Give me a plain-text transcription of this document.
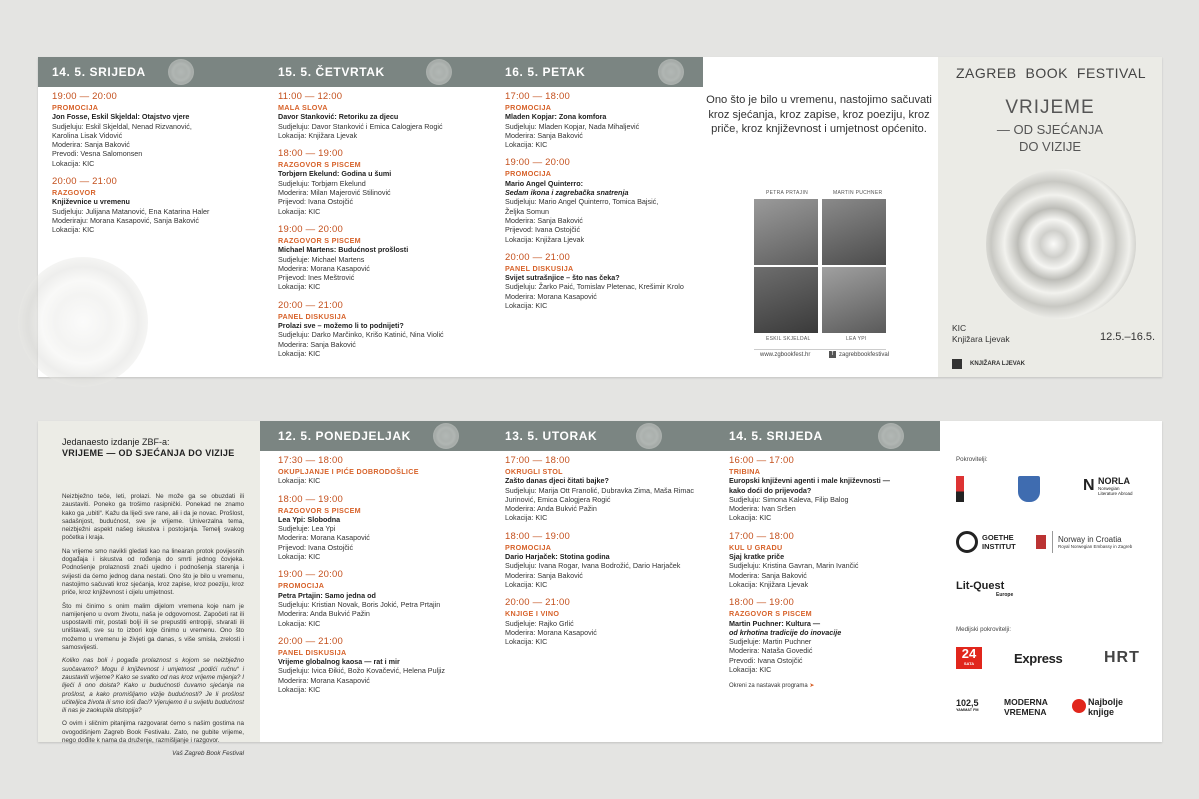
14. 5. SRIJEDA	15. 5. ČETVRTAK	16. 5. PETAK
19:00 — 20:00
PROMOCIJA
Jon Fosse, Eskil Skjeldal: Otajstvo vjere
Sudjeluju: Eskil Skjeldal, Nenad Rizvanović,
Karolina Lisak Vidović
Moderira: Sanja Baković
Prevodi: Vesna Salomonsen
Lokacija: KIC
20:00 — 21:00
RAZGOVOR
Književnice u vremenu
Sudjeluju: Julijana Matanović, Ena Katarina Haler
Moderiraju: Morana Kasapović, Sanja Baković
Lokacija: KIC
11:00 — 12:00
MALA SLOVA
Davor Stanković: Retoriku za djecu
Sudjeluju: Davor Stanković i Emica Calogjera Rogić
Lokacija: Knjižara Ljevak
18:00 — 19:00
RAZGOVOR S PISCEM
Torbjørn Ekelund: Godina u šumi
Sudjeluju: Torbjørn Ekelund
Moderira: Milan Majerović Stilinović
Prijevod: Ivana Ostojčić
Lokacija: KIC
19:00 — 20:00
RAZGOVOR S PISCEM
Michael Martens: Budućnost prošlosti
Sudjeluje: Michael Martens
Moderira: Morana Kasapović
Prijevod: Ines Meštrović
Lokacija: KIC
20:00 — 21:00
PANEL DISKUSIJA
Prolazi sve – možemo li to podnijeti?
Sudjeluju: Darko Marčinko, Krišo Katinić, Nina Violić
Moderira: Sanja Baković
Lokacija: KIC
17:00 — 18:00
PROMOCIJA
Mladen Kopjar: Zona komfora
Sudjeluju: Mladen Kopjar, Nada Mihaljević
Moderira: Sanja Baković
Lokacija: KIC
19:00 — 20:00
PROMOCIJA
Mario Angel Quinterro:
Sedam ikona i zagrebačka snatrenja
Sudjeluju: Mario Angel Quinterro, Tomica Bajsić,
Željka Somun
Moderira: Sanja Baković
Prijevod: Ivana Ostojčić
Lokacija: Knjižara Ljevak
20:00 — 21:00
PANEL DISKUSIJA
Svijet sutrašnjice – što nas čeka?
Sudjeluju: Žarko Paić, Tomislav Pletenac, Krešimir Krolo
Moderira: Morana Kasapović
Lokacija: KIC
Ono što je bilo u vremenu, nastojimo sačuvati kroz sjećanja, kroz zapise, kroz poeziju, kroz priče, kroz književnost i umjetnost općenito.
PETRA PRTAJIN	MARTIN PUCHNER
ESKIL SKJELDAL	LEA YPI
www.zgbookfest.hr	f zagrebbookfestival
ZAGREB BOOK FESTIVAL
VRIJEME
— OD SJEĆANJA
DO VIZIJE
KIC
Knjižara Ljevak	12.5.–16.5.
KNJIŽARA LJEVAK
Jedanaesto izdanje ZBF-a:
VRIJEME — OD SJEĆANJA DO VIZIJE

Neizbježno teče, leti, prolazi. Ne može ga se obuzdati ili zaustaviti. Poneko ga trošimo rasipnički. Ponekad ne znamo kako ga „ubiti“. Kažu da liječi sve rane, ali i da je novac. Prošlost, sadašnjost, budućnost, sve je vrijeme. Univerzalna tema, neizbježni aspekt našeg iskustva i postojanja. Temelj svakog početka i kraja.

Na vrijeme smo navikli gledati kao na linearan protok povijesnih događaja i iskustva od rođenja do smrti jednog čovjeka. Podnošenje prolaznosti znači ujedno i podnošenja starenja i svijesti da ćemo jednog dana nestati. Ono što je bilo u vremenu, nastojimo sačuvati kroz sjećanja, kroz zapise, kroz poeziju, kroz priče, kroz književnost i cijelu umjetnost.

Što mi činimo s onim malim dijelom vremena koje nam je namijenjeno u ovom životu, naša je odgovornost. Započeti rat ili uspostaviti mir, postati bolji ili se prepustiti entropiji, stvarati ili uništavati, sve su to izbori koje činimo u vremenu. Ono što možemo u vremenu je živjeti ga danas, s više smisla, zrelosti i samosvijesti.

Koliko nas boli i pogađa prolaznost s kojom se neizbježno suočavamo? Mogu li književnost i umjetnost „podići ručnu“ i zaustaviti vrijeme? Kako se svatko od nas kroz vrijeme mijenja? I liječi li ono doista? Kako u budućnosti čuvamo sjećanja na prošlost, a kako promišljamo vizije budućnosti? Je li prošlost učiteljica života ili smo loši đaci? Vjerujemo li u svijetlu budućnost ili nas je zaokupila distopija?

O ovim i sličnim pitanjima razgovarat ćemo s našim gostima na ovogodišnjem Zagreb Book Festivalu. Zato, ne gubite vrijeme, nego dođite k nama da druženje, razmišljanje i razgovor.

Vaš Zagreb Book Festival

12. 5. PONEDJELJAK	13. 5. UTORAK	14. 5. SRIJEDA
17:30 — 18:00
OKUPLJANJE I PIĆE DOBRODOŠLICE
Lokacija: KIC
18:00 — 19:00
RAZGOVOR S PISCEM
Lea Ypi: Slobodna
Sudjeluje: Lea Ypi
Moderira: Morana Kasapović
Prijevod: Ivana Ostojčić
Lokacija: KIC
19:00 — 20:00
PROMOCIJA
Petra Prtajin: Samo jedna od
Sudjeluju: Kristian Novak, Boris Jokić, Petra Prtajin
Moderira: Anda Bukvić Pažin
Lokacija: KIC
20:00 — 21:00
PANEL DISKUSIJA
Vrijeme globalnog kaosa — rat i mir
Sudjeluju: Ivica Đikić, Božo Kovačević, Helena Puljiz
Moderira: Morana Kasapović
Lokacija: KIC
17:00 — 18:00
OKRUGLI STOL
Zašto danas djeci čitati bajke?
Sudjeluju: Marija Ott Franolić, Dubravka Zima, Maša Rimac
Jurinović, Emica Calogjera Rogić
Moderira: Anda Bukvić Pažin
Lokacija: KIC
18:00 — 19:00
PROMOCIJA
Dario Harjaček: Stotina godina
Sudjeluju: Ivana Rogar, Ivana Bodrožić, Dario Harjaček
Moderira: Sanja Baković
Lokacija: KIC
20:00 — 21:00
KNJIGE I VINO
Sudjeluje: Rajko Grlić
Moderira: Morana Kasapović
Lokacija: KIC
16:00 — 17:00
TRIBINA
Europski književni agenti i male književnosti —
kako doći do prijevoda?
Sudjeluju: Simona Kaleva, Filip Balog
Moderira: Ivan Sršen
Lokacija: KIC
17:00 — 18:00
KUL U GRADU
Sjaj kratke priče
Sudjeluju: Kristina Gavran, Marin Ivančić
Moderira: Sanja Baković
Lokacija: Knjižara Ljevak
18:00 — 19:00
RAZGOVOR S PISCEM
Martin Puchner: Kultura —
od krhotina tradicije do inovacije
Sudjeluje: Martin Puchner
Moderira: Nataša Govedić
Prevodi: Ivana Ostojčić
Lokacija: KIC
Okreni za nastavak programa ➤
Pokrovitelji:
N NORLA
Norwegian
Literature Abroad
GOETHE
INSTITUT
Norway in Croatia
Royal Norwegian Embassy in Zagreb
Lit-Quest
Europe
Medijski pokrovitelji:
24
SATA	Express	HRT
102,5
YAMMAT FM
MODERNA
VREMENA
Najbolje
knjige
